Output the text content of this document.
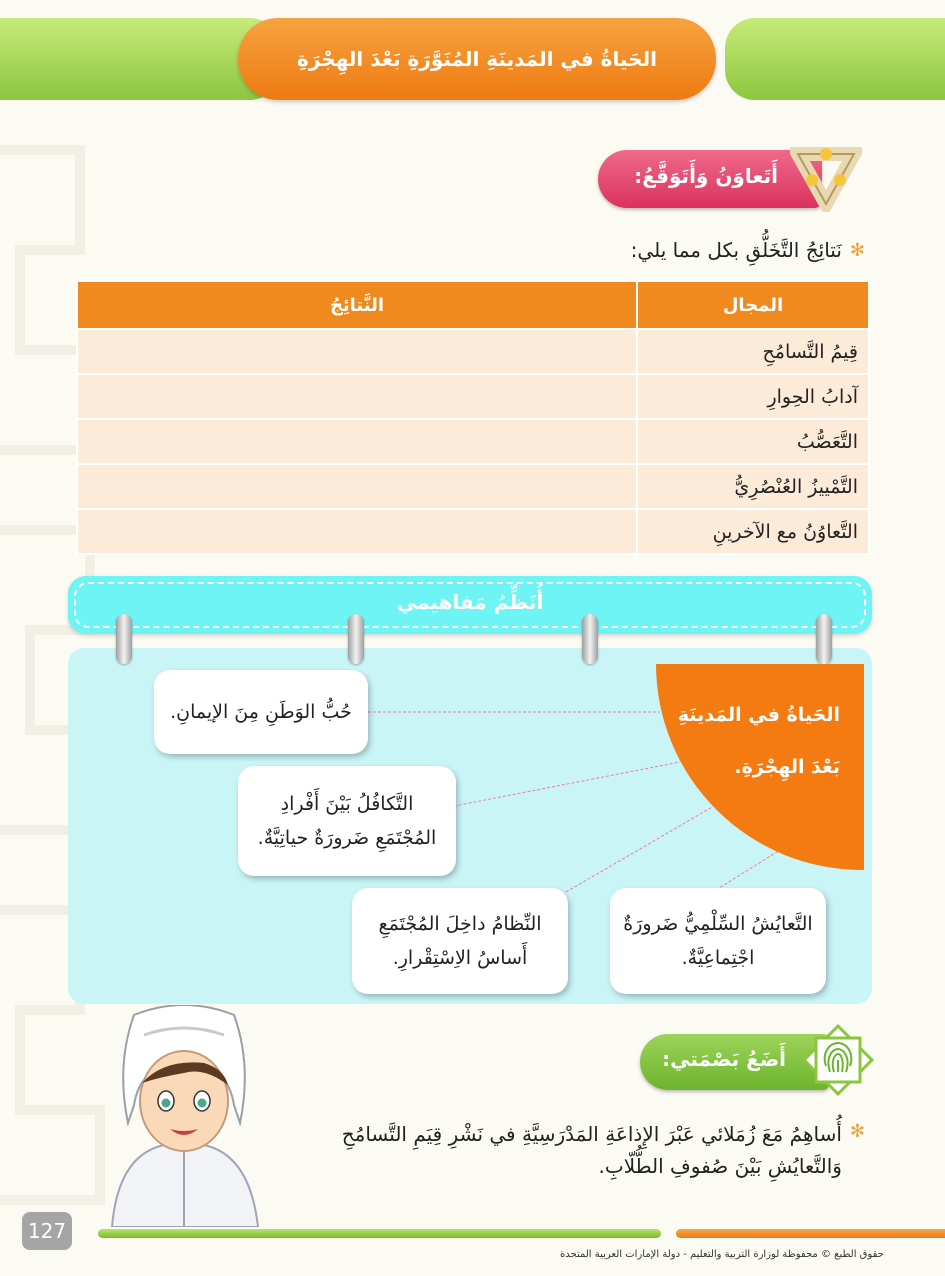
الحَياةُ في المَدينَةِ المُنَوَّرَةِ بَعْدَ الهِجْرَةِ
أَتَعاوَنُ وَأَتَوَقَّعُ:
✻
نَتائِجُ التَّخَلُّقِ بكل مما يلي:
المجال	النَّتائِجُ
قِيمُ التَّسامُحِ	
آدابُ الحِوارِ	
التَّعَصُّبُ	
التَّمْييزُ العُنْصُرِيُّ	
التَّعاوُنُ مع الآخرينِ	
أُنَظِّمُ مَفاهيمي
الحَياةُ في المَدينَةِ
بَعْدَ الهِجْرَةِ.
حُبُّ الوَطَنِ مِنَ الإيمانِ.
التَّكافُلُ بَيْنَ أَفْرادِ
المُجْتَمَعِ ضَرورَةٌ حياتِيَّةٌ.
التَّعايُشُ السِّلْمِيُّ ضَرورَةٌ
اجْتِماعِيَّةٌ.
النِّظامُ داخِلَ المُجْتَمَعِ
أَساسُ الاِسْتِقْرارِ.
أَضَعُ بَصْمَتي:
✻
أُساهِمُ مَعَ زُمَلائي عَبْرَ الإِذاعَةِ المَدْرَسِيَّةِ في نَشْرِ قِيَمِ التَّسامُحِ وَالتَّعايُشِ بَيْنَ صُفوفِ الطُّلّابِ.
127
حقوق الطبع © محفوظة لوزارة التربية والتعليم - دولة الإمارات العربية المتحدة
